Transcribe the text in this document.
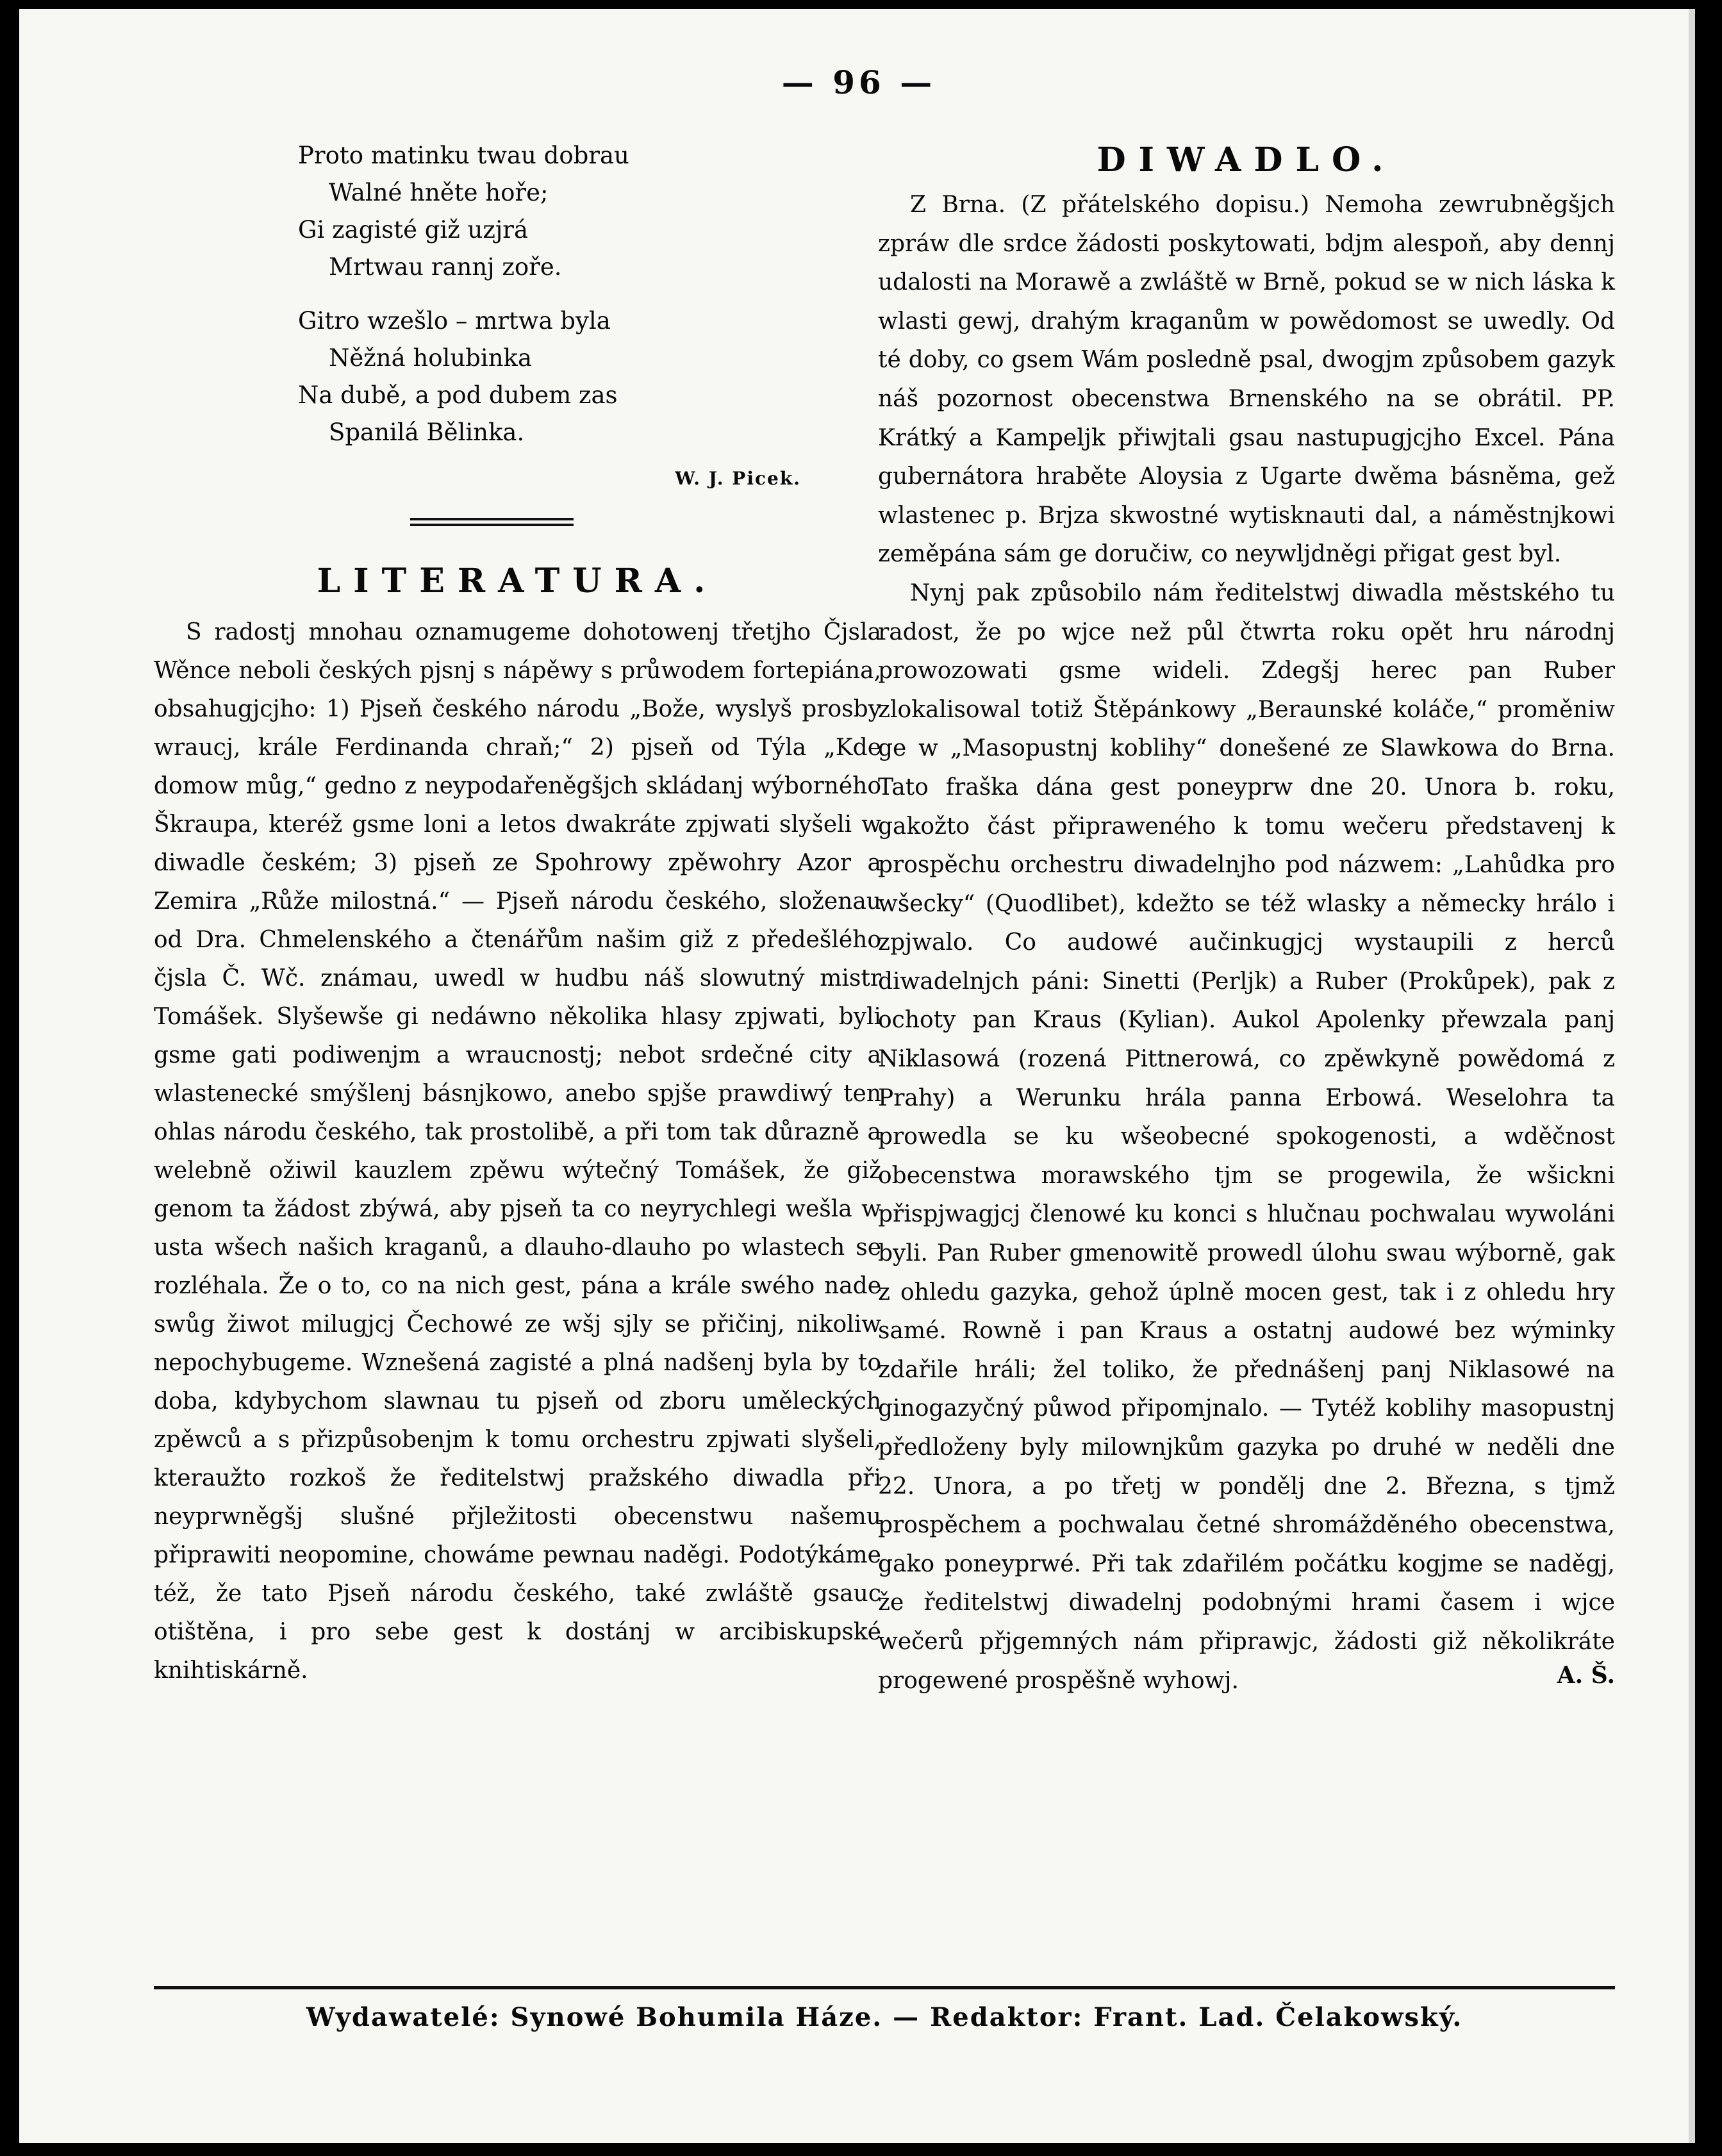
— 96 —
Proto matinku twau dobrau
Walné hněte hoře;
Gi zagisté giž uzjrá
Mrtwau rannj zoře.
Gitro wzešlo – mrtwa byla
Něžná holubinka
Na dubě, a pod dubem zas
Spanilá Bělinka.
W. J. Picek.
LITERATURA.

S radostj mnohau oznamugeme dohotowenj třetjho Čjsla Wěnce neboli českých pjsnj s nápěwy s průwodem fortepiána, obsahugjcjho: 1) Pjseň českého národu „Bože, wyslyš prosby wraucj, krále Ferdinanda chraň;“ 2) pjseň od Týla „Kde domow můg,“ gedno z neypodařeněgšjch skládanj wýborného Škraupa, kteréž gsme loni a letos dwakráte zpjwati slyšeli w diwadle českém; 3) pjseň ze Spohrowy zpěwohry Azor a Zemira „Růže milostná.“ — Pjseň národu českého, složenau od Dra. Chmelenského a čtenářům našim giž z předešlého čjsla Č. Wč. známau, uwedl w hudbu náš slowutný mistr Tomášek. Slyšewše gi nedáwno několika hlasy zpjwati, byli gsme gati podiwenjm a wraucnostj; nebot srdečné city a wlastenecké smýšlenj básnjkowo, anebo spjše prawdiwý ten ohlas národu českého, tak prostolibě, a při tom tak důrazně a welebně ožiwil kauzlem zpěwu wýtečný Tomášek, že giž genom ta žádost zbýwá, aby pjseň ta co neyrychlegi wešla w usta wšech našich kraganů, a dlauho-dlauho po wlastech se rozléhala. Že o to, co na nich gest, pána a krále swého nade swůg žiwot milugjcj Čechowé ze wšj sjly se přičinj, nikoliw nepochybugeme. Wznešená zagisté a plná nadšenj byla by to doba, kdybychom slawnau tu pjseň od zboru uměleckých zpěwců a s přizpůsobenjm k tomu orchestru zpjwati slyšeli, kteraužto rozkoš že ředitelstwj pražského diwadla při neyprwněgšj slušné přjležitosti obecenstwu našemu připrawiti neopomine, chowáme pewnau naděgi. Podotýkáme též, že tato Pjseň národu českého, také zwláště gsauc otištěna, i pro sebe gest k dostánj w arcibiskupské knihtiskárně.

DIWADLO.

Z Brna. (Z přátelského dopisu.) Nemoha zewrubněgšjch zpráw dle srdce žádosti poskytowati, bdjm alespoň, aby dennj udalosti na Morawě a zwláště w Brně, pokud se w nich láska k wlasti gewj, drahým kraganům w powědomost se uwedly. Od té doby, co gsem Wám posledně psal, dwogjm způsobem gazyk náš pozornost obecenstwa Brnenského na se obrátil. PP. Krátký a Kampeljk přiwjtali gsau nastupugjcjho Excel. Pána gubernátora hraběte Aloysia z Ugarte dwěma básněma, gež wlastenec p. Brjza skwostné wytisknauti dal, a náměstnjkowi zeměpána sám ge doručiw, co neywljdněgi přigat gest byl.

Nynj pak způsobilo nám ředitelstwj diwadla městského tu radost, že po wjce než půl čtwrta roku opět hru národnj prowozowati gsme wideli. Zdegšj herec pan Ruber zlokalisowal totiž Štěpánkowy „Beraunské koláče,“ proměniw ge w „Masopustnj koblihy“ donešené ze Slawkowa do Brna. Tato fraška dána gest poneyprw dne 20. Unora b. roku, gakožto část připraweného k tomu wečeru představenj k prospěchu orchestru diwadelnjho pod názwem: „Lahůdka pro wšecky“ (Quodlibet), kdežto se též wlasky a německy hrálo i zpjwalo. Co audowé aučinkugjcj wystaupili z herců diwadelnjch páni: Sinetti (Perljk) a Ruber (Prokůpek), pak z ochoty pan Kraus (Kylian). Aukol Apolenky přewzala panj Niklasowá (rozená Pittnerowá, co zpěwkyně powědomá z Prahy) a Werunku hrála panna Erbowá. Weselohra ta prowedla se ku wšeobecné spokogenosti, a wděčnost obecenstwa morawského tjm se progewila, že wšickni přispjwagjcj členowé ku konci s hlučnau pochwalau wywoláni byli. Pan Ruber gmenowitě prowedl úlohu swau wýborně, gak z ohledu gazyka, gehož úplně mocen gest, tak i z ohledu hry samé. Rowně i pan Kraus a ostatnj audowé bez wýminky zdařile hráli; žel toliko, že přednášenj panj Niklasowé na ginogazyčný půwod připomjnalo. — Tytéž koblihy masopustnj předloženy byly milownjkům gazyka po druhé w neděli dne 22. Unora, a po třetj w pondělj dne 2. Března, s tjmž prospěchem a pochwalau četné shromážděného obecenstwa, gako poneyprwé. Při tak zdařilém počátku kogjme se naděgj, že ředitelstwj diwadelnj podobnými hrami časem i wjce wečerů přjgemných nám připrawjc, žádosti giž několikráte progewené prospěšně wyhowj.	A. Š.
Wydawatelé: Synowé Bohumila Háze. — Redaktor: Frant. Lad. Čelakowský.
